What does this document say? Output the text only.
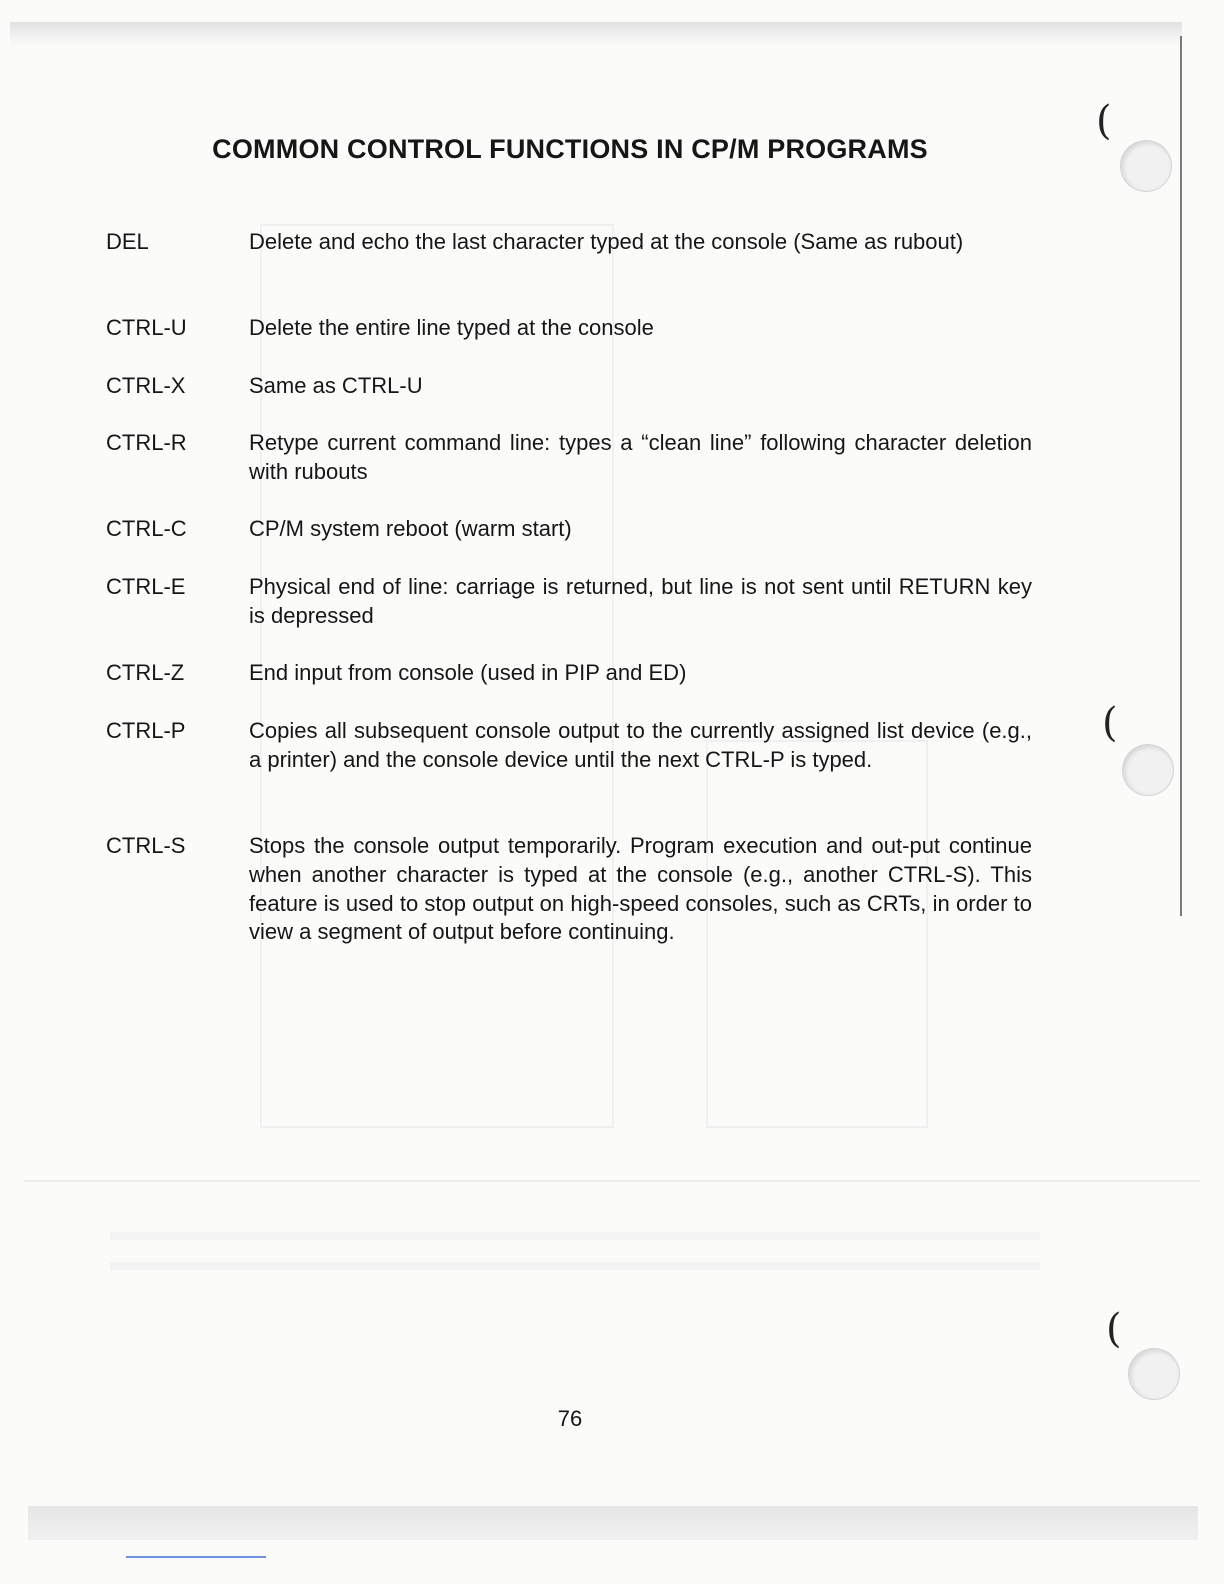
COMMON CONTROL FUNCTIONS IN CP/M PROGRAMS
DEL	Delete and echo the last character typed at the console (Same as rubout)
CTRL-U	Delete the entire line typed at the console
CTRL-X	Same as CTRL-U
CTRL-R	Retype current command line: types a “clean line” following character deletion with rubouts
CTRL-C	CP/M system reboot (warm start)
CTRL-E	Physical end of line: carriage is returned, but line is not sent until RETURN key is depressed
CTRL-Z	End input from console (used in PIP and ED)
CTRL-P	Copies all subsequent console output to the currently assigned list device (e.g., a printer) and the console device until the next CTRL-P is typed.
CTRL-S	Stops the console output temporarily. Program execution and out-put continue when another character is typed at the console (e.g., another CTRL-S). This feature is used to stop output on high-speed consoles, such as CRTs, in order to view a segment of output before continuing.
76
(
(
(
